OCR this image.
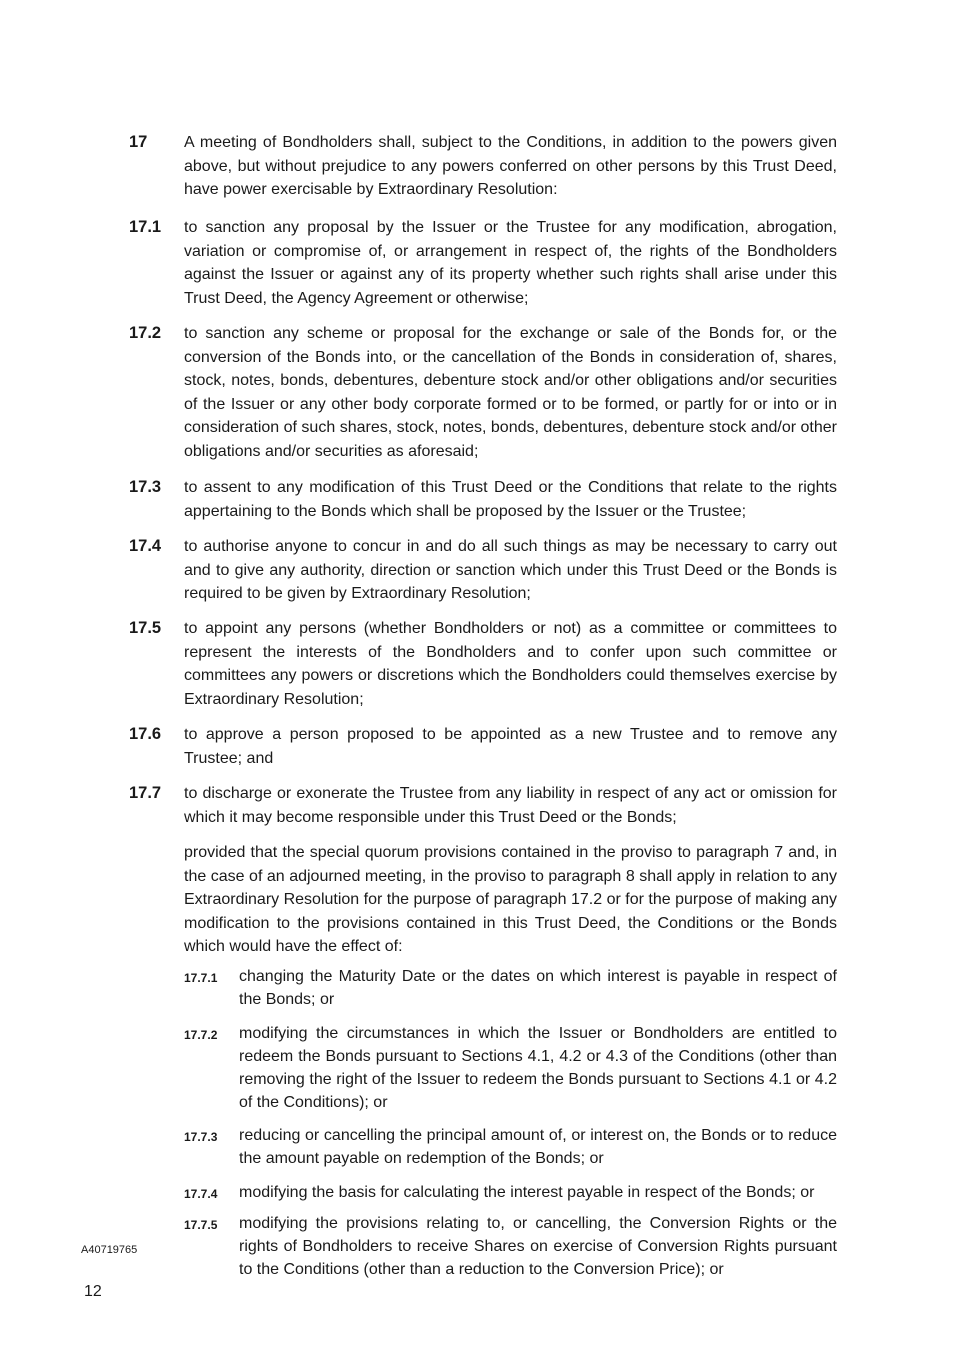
17 A meeting of Bondholders shall, subject to the Conditions, in addition to the powers given above, but without prejudice to any powers conferred on other persons by this Trust Deed, have power exercisable by Extraordinary Resolution:
17.1 to sanction any proposal by the Issuer or the Trustee for any modification, abrogation, variation or compromise of, or arrangement in respect of, the rights of the Bondholders against the Issuer or against any of its property whether such rights shall arise under this Trust Deed, the Agency Agreement or otherwise;
17.2 to sanction any scheme or proposal for the exchange or sale of the Bonds for, or the conversion of the Bonds into, or the cancellation of the Bonds in consideration of, shares, stock, notes, bonds, debentures, debenture stock and/or other obligations and/or securities of the Issuer or any other body corporate formed or to be formed, or partly for or into or in consideration of such shares, stock, notes, bonds, debentures, debenture stock and/or other obligations and/or securities as aforesaid;
17.3 to assent to any modification of this Trust Deed or the Conditions that relate to the rights appertaining to the Bonds which shall be proposed by the Issuer or the Trustee;
17.4 to authorise anyone to concur in and do all such things as may be necessary to carry out and to give any authority, direction or sanction which under this Trust Deed or the Bonds is required to be given by Extraordinary Resolution;
17.5 to appoint any persons (whether Bondholders or not) as a committee or committees to represent the interests of the Bondholders and to confer upon such committee or committees any powers or discretions which the Bondholders could themselves exercise by Extraordinary Resolution;
17.6 to approve a person proposed to be appointed as a new Trustee and to remove any Trustee; and
17.7 to discharge or exonerate the Trustee from any liability in respect of any act or omission for which it may become responsible under this Trust Deed or the Bonds;
provided that the special quorum provisions contained in the proviso to paragraph 7 and, in the case of an adjourned meeting, in the proviso to paragraph 8 shall apply in relation to any Extraordinary Resolution for the purpose of paragraph 17.2 or for the purpose of making any modification to the provisions contained in this Trust Deed, the Conditions or the Bonds which would have the effect of:
17.7.1 changing the Maturity Date or the dates on which interest is payable in respect of the Bonds; or
17.7.2 modifying the circumstances in which the Issuer or Bondholders are entitled to redeem the Bonds pursuant to Sections 4.1, 4.2 or 4.3 of the Conditions (other than removing the right of the Issuer to redeem the Bonds pursuant to Sections 4.1 or 4.2 of the Conditions); or
17.7.3 reducing or cancelling the principal amount of, or interest on, the Bonds or to reduce the amount payable on redemption of the Bonds; or
17.7.4 modifying the basis for calculating the interest payable in respect of the Bonds; or
17.7.5 modifying the provisions relating to, or cancelling, the Conversion Rights or the rights of Bondholders to receive Shares on exercise of Conversion Rights pursuant to the Conditions (other than a reduction to the Conversion Price); or
A40719765
12
